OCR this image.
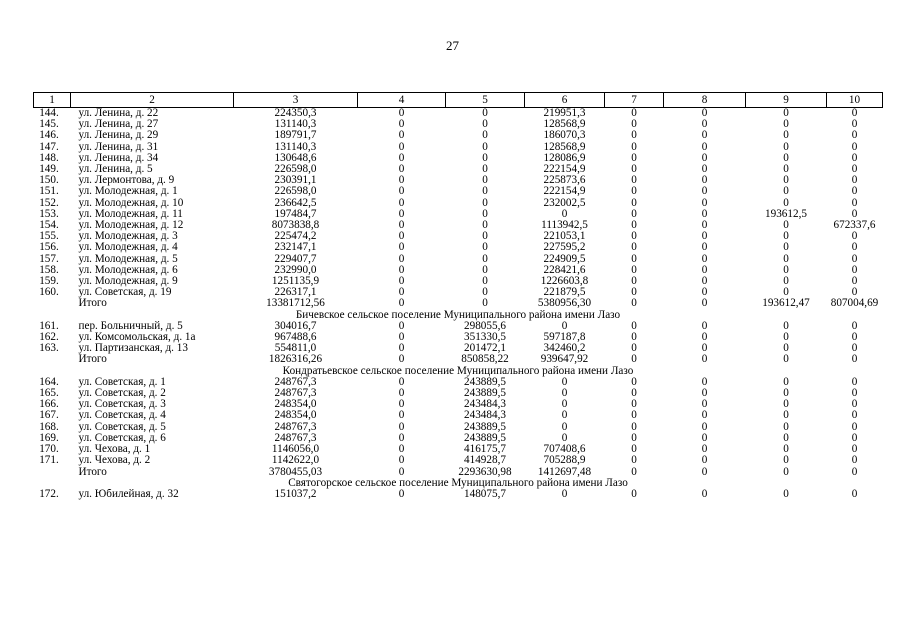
27
1	2	3	4	5	6	7	8	9	10
144.	ул. Ленина, д. 22	224350,3	0	0	219951,3	0	0	0	0
145.	ул. Ленина, д. 27	131140,3	0	0	128568,9	0	0	0	0
146.	ул. Ленина, д. 29	189791,7	0	0	186070,3	0	0	0	0
147.	ул. Ленина, д. 31	131140,3	0	0	128568,9	0	0	0	0
148.	ул. Ленина, д. 34	130648,6	0	0	128086,9	0	0	0	0
149.	ул. Ленина, д. 5	226598,0	0	0	222154,9	0	0	0	0
150.	ул. Лермонтова, д. 9	230391,1	0	0	225873,6	0	0	0	0
151.	ул. Молодежная, д. 1	226598,0	0	0	222154,9	0	0	0	0
152.	ул. Молодежная, д. 10	236642,5	0	0	232002,5	0	0	0	0
153.	ул. Молодежная, д. 11	197484,7	0	0	0	0	0	193612,5	0
154.	ул. Молодежная, д. 12	8073838,8	0	0	1113942,5	0	0	0	672337,6
155.	ул. Молодежная, д. 3	225474,2	0	0	221053,1	0	0	0	0
156.	ул. Молодежная, д. 4	232147,1	0	0	227595,2	0	0	0	0
157.	ул. Молодежная, д. 5	229407,7	0	0	224909,5	0	0	0	0
158.	ул. Молодежная, д. 6	232990,0	0	0	228421,6	0	0	0	0
159.	ул. Молодежная, д. 9	1251135,9	0	0	1226603,8	0	0	0	0
160.	ул. Советская, д. 19	226317,1	0	0	221879,5	0	0	0	0
	Итого	13381712,56	0	0	5380956,30	0	0	193612,47	807004,69
Бичевское сельское поселение Муниципального района имени Лазо									
161.	пер. Больничный, д. 5	304016,7	0	298055,6	0	0	0	0	0
162.	ул. Комсомольская, д. 1а	967488,6	0	351330,5	597187,8	0	0	0	0
163.	ул. Партизанская, д. 13	554811,0	0	201472,1	342460,2	0	0	0	0
	Итого	1826316,26	0	850858,22	939647,92	0	0	0	0
Кондратьевское сельское поселение Муниципального района имени Лазо									
164.	ул. Советская, д. 1	248767,3	0	243889,5	0	0	0	0	0
165.	ул. Советская, д. 2	248767,3	0	243889,5	0	0	0	0	0
166.	ул. Советская, д. 3	248354,0	0	243484,3	0	0	0	0	0
167.	ул. Советская, д. 4	248354,0	0	243484,3	0	0	0	0	0
168.	ул. Советская, д. 5	248767,3	0	243889,5	0	0	0	0	0
169.	ул. Советская, д. 6	248767,3	0	243889,5	0	0	0	0	0
170.	ул. Чехова, д. 1	1146056,0	0	416175,7	707408,6	0	0	0	0
171.	ул. Чехова, д. 2	1142622,0	0	414928,7	705288,9	0	0	0	0
	Итого	3780455,03	0	2293630,98	1412697,48	0	0	0	0
Святогорское сельское поселение Муниципального района имени Лазо									
172.	ул. Юбилейная, д. 32	151037,2	0	148075,7	0	0	0	0	0
